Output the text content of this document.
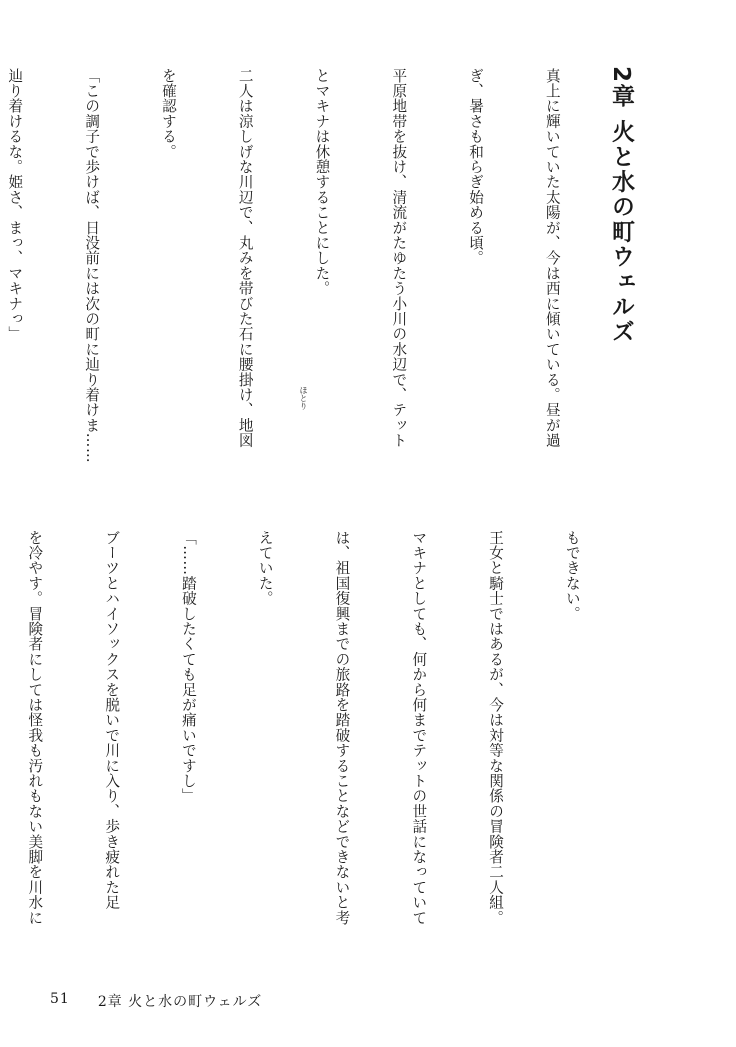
2章 火と水の町ウェルズ

真上に輝いていた太陽が、今は西に傾いている。昼が過

ぎ、暑さも和らぎ始める頃。

平原地帯を抜け、清流がたゆたう小川の水辺で、テット

とマキナは休憩することにした。

二人は涼しげな川辺で、丸みを帯びた石に腰掛け、地図

を確認する。

「この調子で歩けば、日没前には次の町に辿り着けま……

辿り着けるな。姫さ、まっ、マキナっ」

ほとり

もできない。

王女と騎士ではあるが、今は対等な関係の冒険者二人組。

マキナとしても、何から何までテットの世話になっていて

は、祖国復興までの旅路を踏破することなどできないと考

えていた。

「……踏破したくても足が痛いですし」

ブーツとハイソックスを脱いで川に入り、歩き疲れた足

を冷やす。冒険者にしては怪我も汚れもない美脚を川水に

51 2章 火と水の町ウェルズ
